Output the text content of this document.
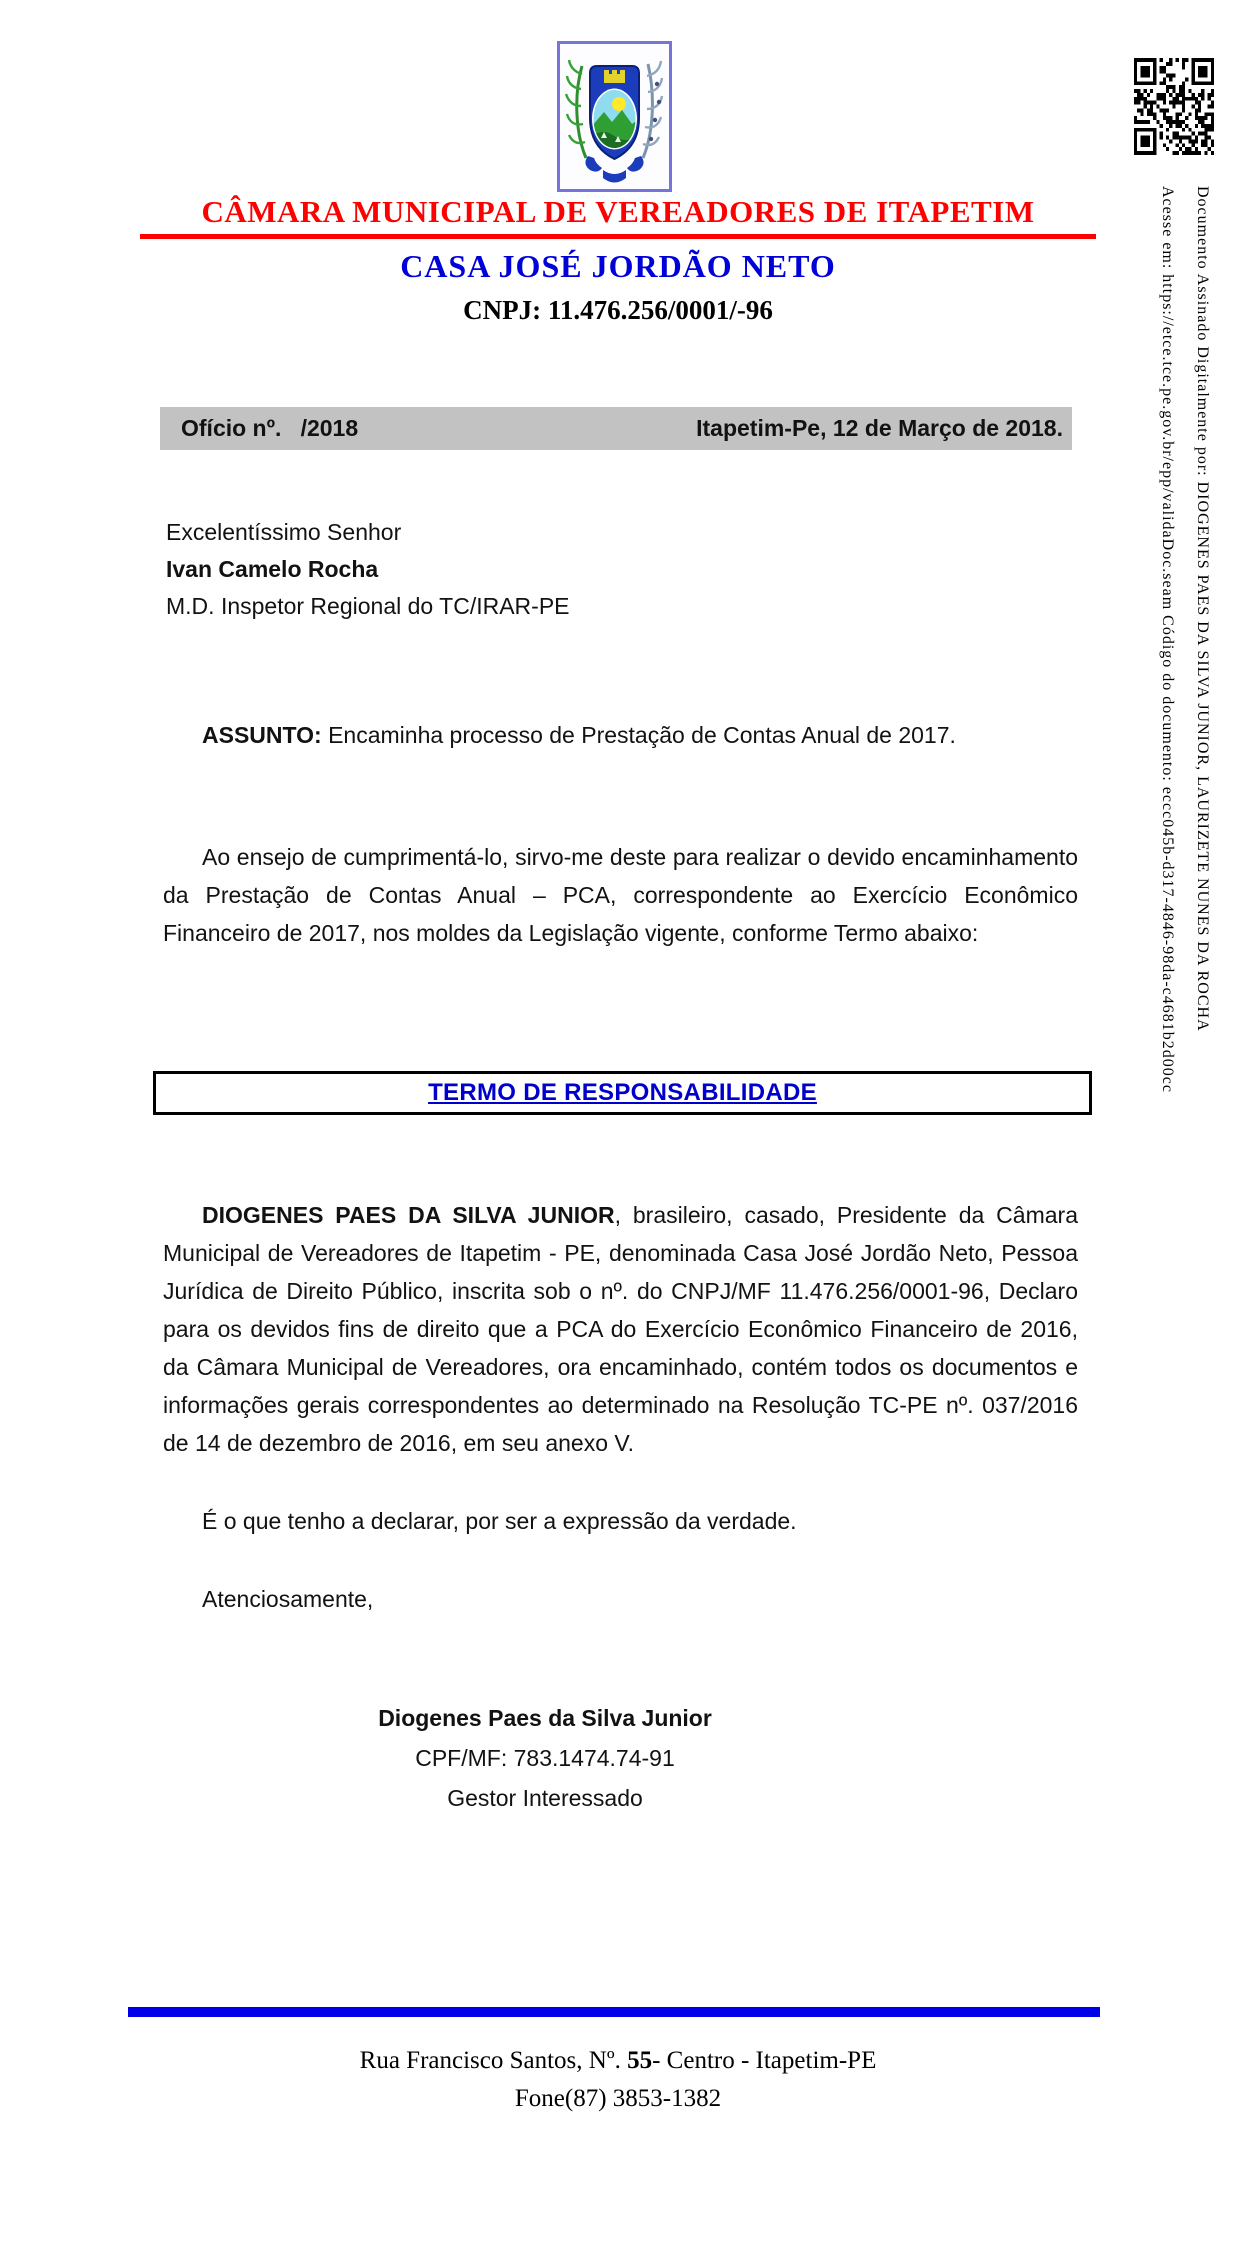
CÂMARA MUNICIPAL DE VEREADORES DE ITAPETIM
CASA JOSÉ JORDÃO NETO
CNPJ: 11.476.256/0001/-96
Ofício nº.   /2018	Itapetim-Pe, 12 de Março de 2018.
Excelentíssimo Senhor
Ivan Camelo Rocha
M.D. Inspetor Regional do TC/IRAR-PE
ASSUNTO: Encaminha processo de Prestação de Contas Anual de 2017.
Ao ensejo de cumprimentá-lo, sirvo-me deste para realizar o devido encaminhamento da Prestação de Contas Anual – PCA, correspondente ao Exercício Econômico Financeiro de 2017, nos moldes da Legislação vigente, conforme Termo abaixo:
TERMO DE RESPONSABILIDADE
DIOGENES PAES DA SILVA JUNIOR, brasileiro, casado, Presidente da Câmara Municipal de Vereadores de Itapetim - PE, denominada Casa José Jordão Neto, Pessoa Jurídica de Direito Público, inscrita sob o nº. do CNPJ/MF 11.476.256/0001-96, Declaro para os devidos fins de direito que a PCA do Exercício Econômico Financeiro de 2016, da Câmara Municipal de Vereadores, ora encaminhado, contém todos os documentos e informações gerais correspondentes ao determinado na Resolução TC-PE nº. 037/2016 de 14 de dezembro de 2016, em seu anexo V.
É o que tenho a declarar, por ser a expressão da verdade.
Atenciosamente,
Diogenes Paes da Silva Junior
CPF/MF: 783.1474.74-91
Gestor Interessado
Rua Francisco Santos, Nº. 55- Centro - Itapetim-PE
Fone(87) 3853-1382
Documento Assinado Digitalmente por: DIOGENES PAES DA SILVA JUNIOR, LAURIZETE NUNES DA ROCHA
Acesse em: https://etce.tce.pe.gov.br/epp/validaDoc.seam Código do documento: eccc045b-d317-4846-98da-c4681b2d00cc
